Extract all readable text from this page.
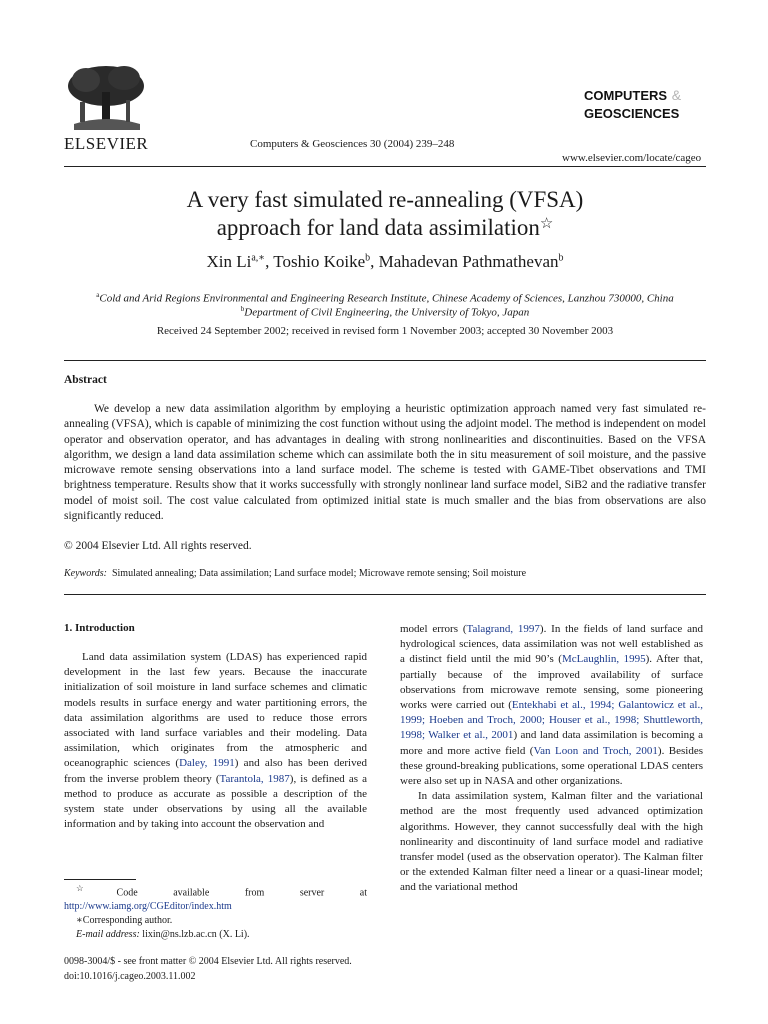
ELSEVIER	Computers & Geosciences 30 (2004) 239–248
COMPUTERS &
GEOSCIENCES
www.elsevier.com/locate/cageo
A very fast simulated re-annealing (VFSA)
approach for land data assimilation☆
Xin $Li^{a,∗}$, Toshio Koike$^b$, Mahadevan Pathmathevan$^b$
$^a$Cold and Arid Regions Environmental and Engineering Research Institute, Chinese Academy of Sciences, Lanzhou 730000, China
$^b$Department of Civil Engineering, the University of Tokyo, Japan
Received 24 September 2002; received in revised form 1 November 2003; accepted 30 November 2003
Abstract

We develop a new data assimilation algorithm by employing a heuristic optimization approach named very fast simulated re-annealing (VFSA), which is capable of minimizing the cost function without using the adjoint model. The method is independent on model operator and observation operator, and has advantages in dealing with strong nonlinearities and discontinuities. Based on the VFSA algorithm, we design a land data assimilation scheme which can assimilate both the in situ measurement of soil moisture, and the passive microwave remote sensing observations into a land surface model. The scheme is tested with GAME-Tibet observations and TMI brightness temperature. Results show that it works successfully with strongly nonlinear land surface model, SiB2 and the radiative transfer model of moist soil. The cost value calculated from optimized initial state is much smaller and the bias from observations are also significantly reduced.

© 2004 Elsevier Ltd. All rights reserved.
Keywords: Simulated annealing; Data assimilation; Land surface model; Microwave remote sensing; Soil moisture
1. Introduction

Land data assimilation system (LDAS) has experienced rapid development in the last few years. Because the inaccurate initialization of soil moisture in land surface schemes and climatic models results in surface energy and water partitioning errors, the data assimilation algorithms are used to reduce those errors associated with land surface variables and their modeling. Data assimilation, which originates from the atmospheric and oceanographic sciences (Daley, 1991) and also has been derived from the inverse problem theory (Tarantola, 1987), is defined as a method to produce as accurate as possible a description of the system state under observations by using all the available information and by taking into account the observation and

model errors (Talagrand, 1997). In the fields of land surface and hydrological sciences, data assimilation was not well established as a distinct field until the mid 90’s (McLaughlin, 1995). After that, partially because of the improved availability of surface observations from microwave remote sensing, some pioneering works were carried out (Entekhabi et al., 1994; Galantowicz et al., 1999; Hoeben and Troch, 2000; Houser et al., 1998; Shuttleworth, 1998; Walker et al., 2001) and land data assimilation is becoming a more and more active field (Van Loon and Troch, 2001). Besides these ground-breaking publications, some operational LDAS centers were also set up in NASA and other organizations.

In data assimilation system, Kalman filter and the variational method are the most frequently used advanced optimization algorithms. However, they cannot successfully deal with the high nonlinearity and discontinuity of land surface model and radiative transfer model (used as the observation operator). The Kalman filter or the extended Kalman filter need a linear or a quasi-linear model; and the variational method

☆Code available from server at http://www.iamg.org/CGEditor/index.htm

∗Corresponding author.

E-mail address: lixin@ns.lzb.ac.cn (X. Li).

0098-3004/$ - see front matter © 2004 Elsevier Ltd. All rights reserved.
doi:10.1016/j.cageo.2003.11.002
